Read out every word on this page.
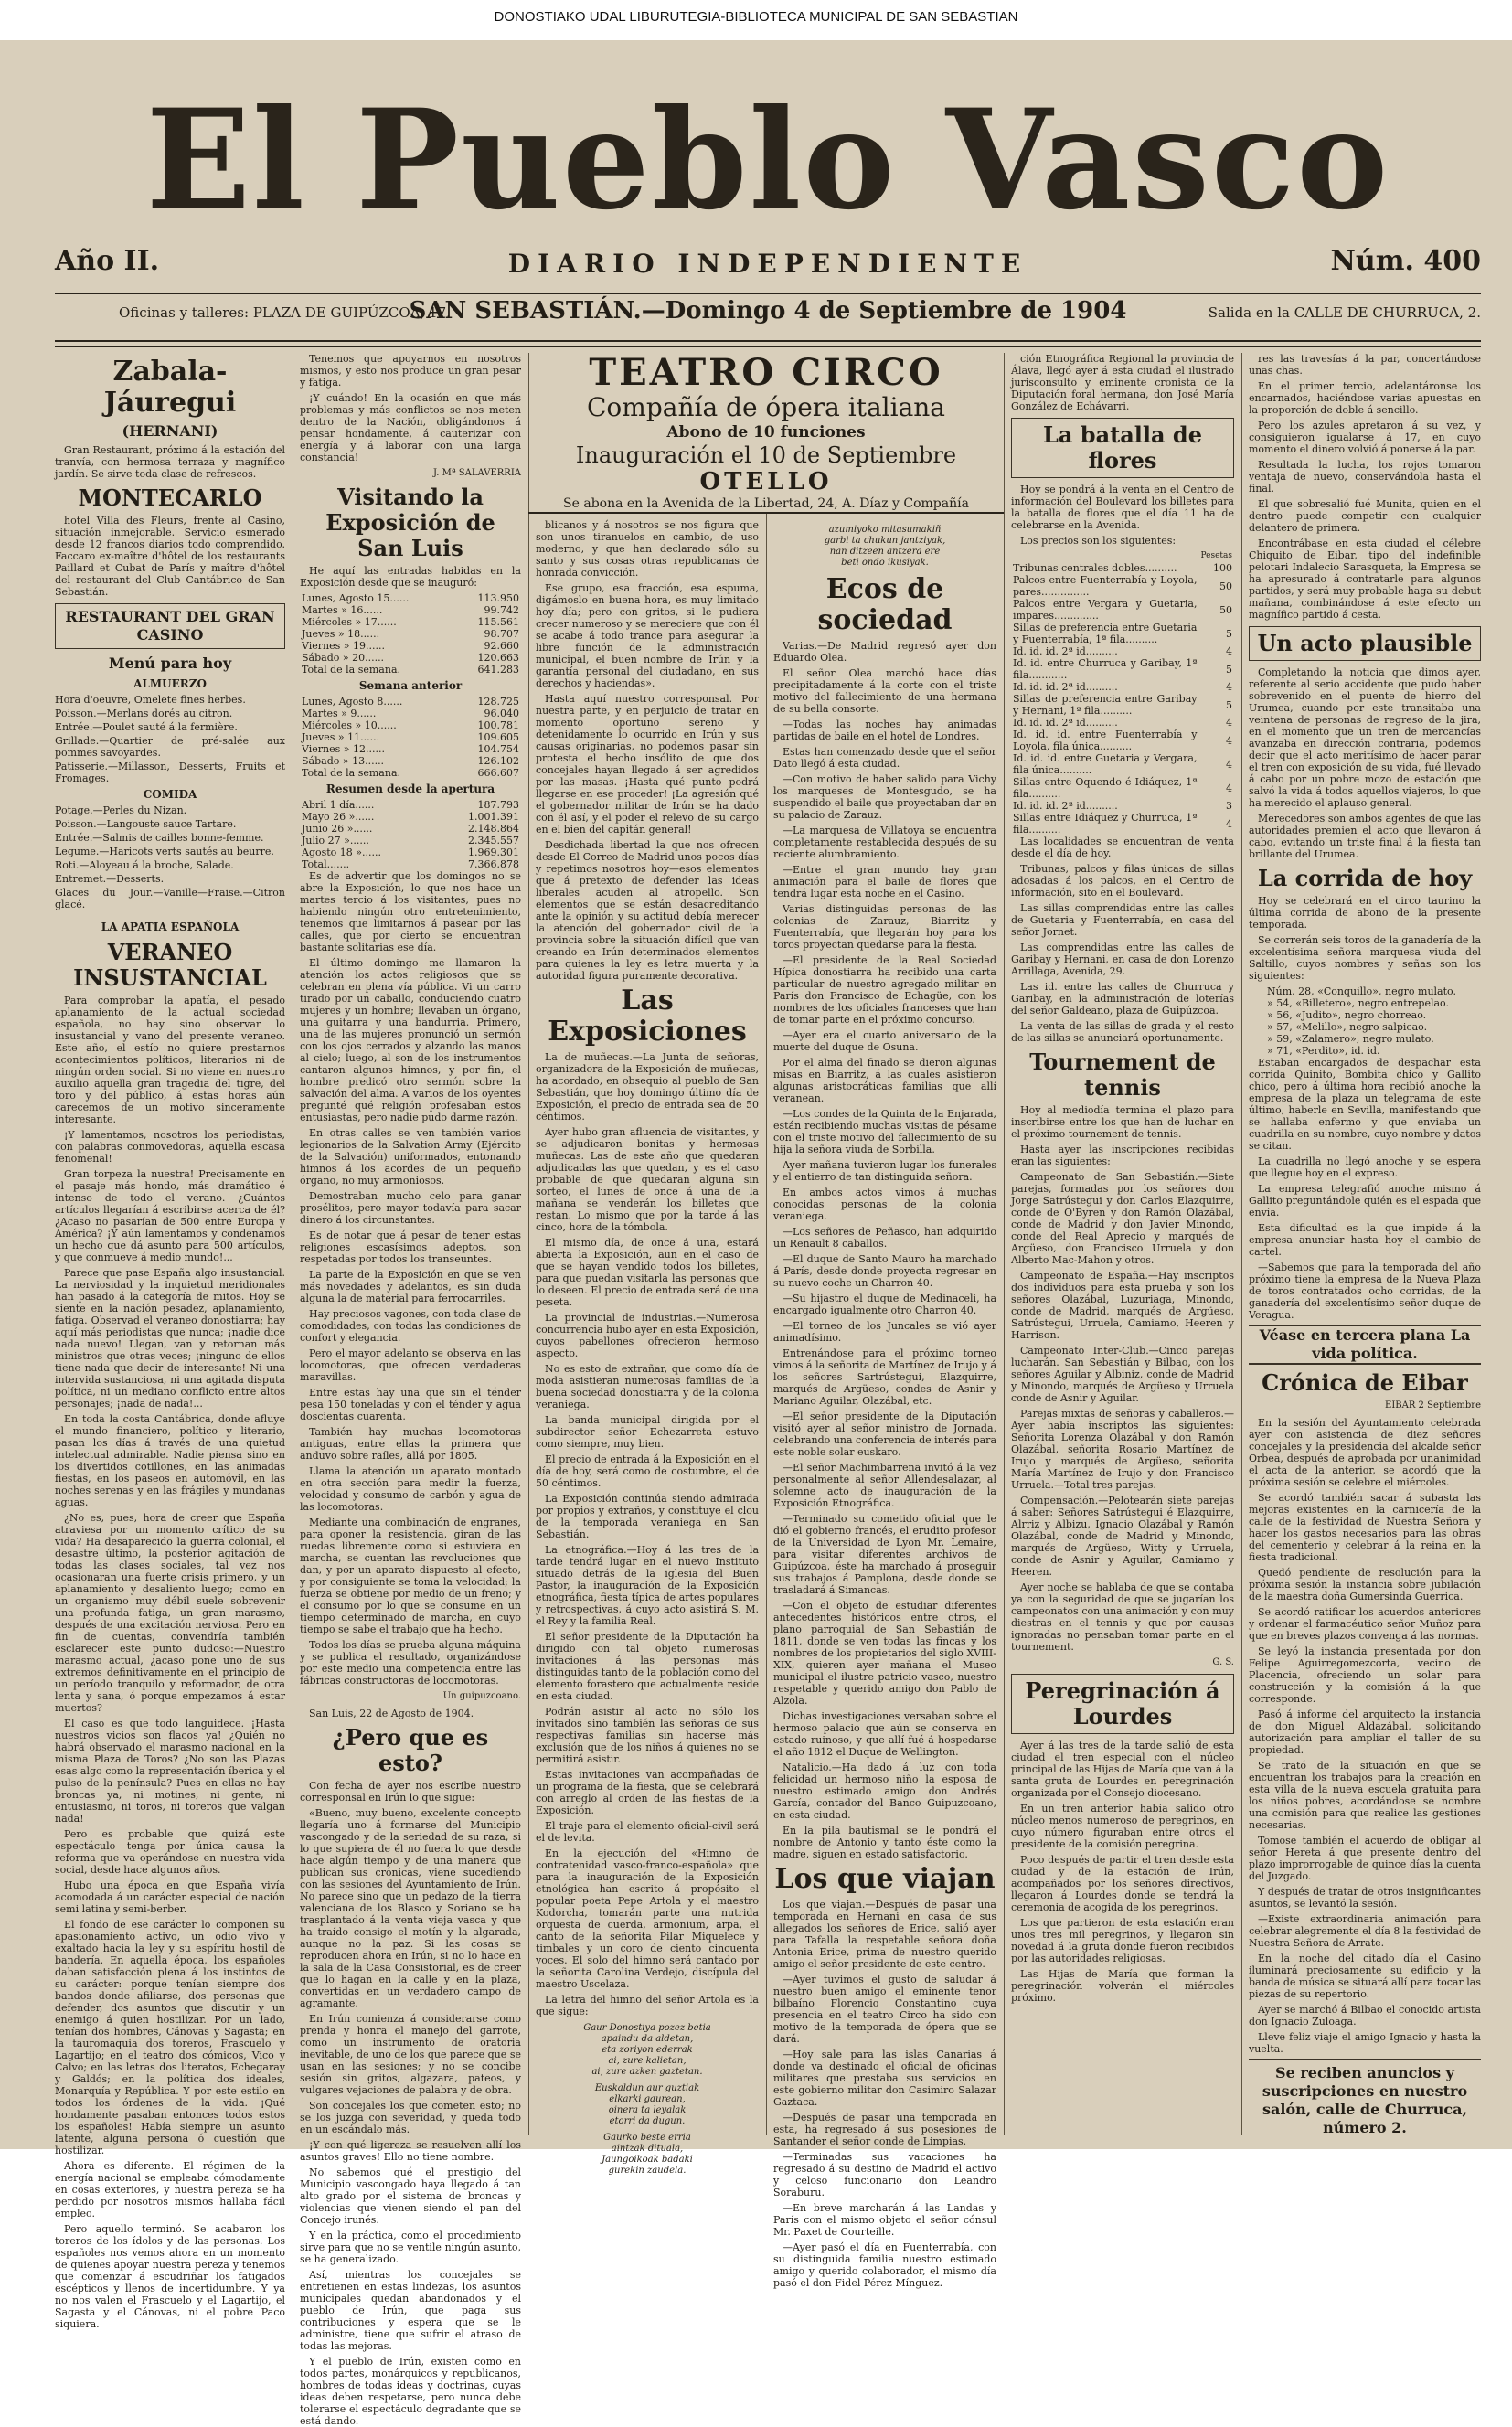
DONOSTIAKO UDAL LIBURUTEGIA-BIBLIOTECA MUNICIPAL DE SAN SEBASTIAN
El Pueblo Vasco
Año II.	DIARIO INDEPENDIENTE	Núm. 400
Oficinas y talleres: PLAZA DE GUIPÚZCOA, 17.
SAN SEBASTIÁN.—Domingo 4 de Septiembre de 1904	Salida en la CALLE DE CHURRUCA, 2.
Zabala-Jáuregui
(HERNANI)

Gran Restaurant, próximo á la estación del tranvía, con hermosa terraza y magnífico jardín. Se sirve toda clase de refrescos.

MONTECARLO

hotel Villa des Fleurs, frente al Casino, situación inmejorable. Servicio esmerado desde 12 francos diarios todo comprendido. Faccaro ex-maître d'hôtel de los restaurants Paillard et Cubat de París y maître d'hôtel del restaurant del Club Cantábrico de San Sebastián.

RESTAURANT DEL GRAN CASINO
Menú para hoy
ALMUERZO
Hora d'oeuvre, Omelete fines herbes.
Poisson.—Merlans dorés au citron.
Entrée.—Poulet sauté á la fermière.
Grillade.—Quartier de pré-salée aux pommes savoyardes.
Patisserie.—Millasson, Desserts, Fruits et Fromages.
COMIDA
Potage.—Perles du Nizan.
Poisson.—Langouste sauce Tartare.
Entrée.—Salmis de cailles bonne-femme.
Legume.—Haricots verts sautés au beurre.
Roti.—Aloyeau á la broche, Salade.
Entremet.—Desserts.
Glaces du Jour.—Vanille—Fraise.—Citron glacé.
LA APATIA ESPAÑOLA
VERANEO INSUSTANCIAL

Para comprobar la apatía, el pesado aplanamiento de la actual sociedad española, no hay sino observar lo insustancial y vano del presente veraneo. Este año, el estío no quiere prestarnos acontecimientos políticos, literarios ni de ningún orden social. Si no viene en nuestro auxilio aquella gran tragedia del tigre, del toro y del público, á estas horas aún carecemos de un motivo sinceramente interesante.

¡Y lamentamos, nosotros los periodistas, con palabras conmovedoras, aquella escasa fenomenal!

Gran torpeza la nuestra! Precisamente en el pasaje más hondo, más dramático é intenso de todo el verano. ¿Cuántos artículos llegarían á escribirse acerca de él? ¿Acaso no pasarían de 500 entre Europa y América? ¡Y aún lamentamos y condenamos un hecho que dá asunto para 500 artículos, y que conmueve á medio mundo!...

Parece que pase España algo insustancial. La nerviosidad y la inquietud meridionales han pasado á la categoría de mitos. Hoy se siente en la nación pesadez, aplanamiento, fatiga. Observad el veraneo donostiarra; hay aquí más periodistas que nunca; ¡nadie dice nada nuevo! Llegan, van y retornan más ministros que otras veces; ¡ninguno de ellos tiene nada que decir de interesante! Ni una intervida sustanciosa, ni una agitada disputa política, ni un mediano conflicto entre altos personajes; ¡nada de nada!...

En toda la costa Cantábrica, donde afluye el mundo financiero, político y literario, pasan los días á través de una quietud intelectual admirable. Nadie piensa sino en los divertidos cotillones, en las animadas fiestas, en los paseos en automóvil, en las noches serenas y en las frágiles y mundanas aguas.

¿No es, pues, hora de creer que España atraviesa por un momento crítico de su vida? Ha desaparecido la guerra colonial, el desastre último, la posterior agitación de todas las clases sociales, tal vez nos ocasionaran una fuerte crisis primero, y un aplanamiento y desaliento luego; como en un organismo muy débil suele sobrevenir una profunda fatiga, un gran marasmo, después de una excitación nerviosa. Pero en fin de cuentas, convendría también esclarecer este punto dudoso:—Nuestro marasmo actual, ¿acaso pone uno de sus extremos definitivamente en el principio de un período tranquilo y reformador, de otra lenta y sana, ó porque empezamos á estar muertos?

El caso es que todo languidece. ¡Hasta nuestros vicios son flacos ya! ¿Quién no habrá observado el marasmo nacional en la misma Plaza de Toros? ¿No son las Plazas esas algo como la representación íberica y el pulso de la península? Pues en ellas no hay broncas ya, ni motines, ni gente, ni entusiasmo, ni toros, ni toreros que valgan nada!

Pero es probable que quizá este espectáculo tenga por única causa la reforma que va operándose en nuestra vida social, desde hace algunos años.

Hubo una época en que España vivía acomodada á un carácter especial de nación semi latina y semi-berber.

El fondo de ese carácter lo componen su apasionamiento activo, un odio vivo y exaltado hacia la ley y su espíritu hostil de bandería. En aquella época, los españoles daban satisfacción plena á los instintos de su carácter: porque tenían siempre dos bandos donde afiliarse, dos personas que defender, dos asuntos que discutir y un enemigo á quien hostilizar. Por un lado, tenían dos hombres, Cánovas y Sagasta; en la tauromaquia dos toreros, Frascuelo y Lagartijo; en el teatro dos cómicos, Vico y Calvo; en las letras dos literatos, Echegaray y Galdós; en la política dos ideales, Monarquía y República. Y por este estilo en todos los órdenes de la vida. ¡Qué hondamente pasaban entonces todos estos los españoles! Había siempre un asunto latente, alguna persona ó cuestión que hostilizar.

Ahora es diferente. El régimen de la energía nacional se empleaba cómodamente en cosas exteriores, y nuestra pereza se ha perdido por nosotros mismos hallaba fácil empleo.

Pero aquello terminó. Se acabaron los toreros de los ídolos y de las personas. Los españoles nos vemos ahora en un momento de quienes apoyar nuestra pereza y tenemos que comenzar á escudriñar los fatigados escépticos y llenos de incertidumbre. Y ya no nos valen el Frascuelo y el Lagartijo, el Sagasta y el Cánovas, ni el pobre Paco siquiera.

Tenemos que apoyarnos en nosotros mismos, y esto nos produce un gran pesar y fatiga.

¡Y cuándo! En la ocasión en que más problemas y más conflictos se nos meten dentro de la Nación, obligándonos á pensar hondamente, á cauterizar con energía y á laborar con una larga constancia!

J. Mª SALAVERRIA
Visitando la Exposición de San Luis

He aquí las entradas habidas en la Exposición desde que se inauguró:

Lunes, Agosto 15......	113.950
Martes » 16......	99.742
Miércoles » 17......	115.561
Jueves » 18......	98.707
Viernes » 19......	92.660
Sábado » 20......	120.663
Total de la semana.	641.283
Semana anterior
Lunes, Agosto 8......	128.725
Martes » 9......	96.040
Miércoles » 10......	100.781
Jueves » 11......	109.605
Viernes » 12......	104.754
Sábado » 13......	126.102
Total de la semana.	666.607
Resumen desde la apertura
Abril 1 día......	187.793
Mayo 26 »......	1.001.391
Junio 26 »......	2.148.864
Julio 27 »......	2.345.557
Agosto 18 »......	1.969.301
Total.......	7.366.878

Es de advertir que los domingos no se abre la Exposición, lo que nos hace un martes tercio á los visitantes, pues no habiendo ningún otro entretenimiento, tenemos que limitarnos á pasear por las calles, que por cierto se encuentran bastante solitarias ese día.

El último domingo me llamaron la atención los actos religiosos que se celebran en plena vía pública. Vi un carro tirado por un caballo, conduciendo cuatro mujeres y un hombre; llevaban un órgano, una guitarra y una bandurria. Primero, una de las mujeres pronunció un sermón con los ojos cerrados y alzando las manos al cielo; luego, al son de los instrumentos cantaron algunos himnos, y por fin, el hombre predicó otro sermón sobre la salvación del alma. A varios de los oyentes pregunté qué religión profesaban estos entusiastas, pero nadie pudo darme razón.

En otras calles se ven también varios legionarios de la Salvation Army (Ejército de la Salvación) uniformados, entonando himnos á los acordes de un pequeño órgano, no muy armoniosos.

Demostraban mucho celo para ganar prosélitos, pero mayor todavía para sacar dinero á los circunstantes.

Es de notar que á pesar de tener estas religiones escasísimos adeptos, son respetadas por todos los transeuntes.

La parte de la Exposición en que se ven más novedades y adelantos, es sin duda alguna la de material para ferrocarriles.

Hay preciosos vagones, con toda clase de comodidades, con todas las condiciones de confort y elegancia.

Pero el mayor adelanto se observa en las locomotoras, que ofrecen verdaderas maravillas.

Entre estas hay una que sin el ténder pesa 150 toneladas y con el ténder y agua doscientas cuarenta.

También hay muchas locomotoras antiguas, entre ellas la primera que anduvo sobre raíles, allá por 1805.

Llama la atención un aparato montado en otra sección para medir la fuerza, velocidad y consumo de carbón y agua de las locomotoras.

Mediante una combinación de engranes, para oponer la resistencia, giran de las ruedas libremente como si estuviera en marcha, se cuentan las revoluciones que dan, y por un aparato dispuesto al efecto, y por consiguiente se toma la velocidad; la fuerza se obtiene por medio de un freno; y el consumo por lo que se consume en un tiempo determinado de marcha, en cuyo tiempo se sabe el trabajo que ha hecho.

Todos los días se prueba alguna máquina y se publica el resultado, organizándose por este medio una competencia entre las fábricas constructoras de locomotoras.

Un guipuzcoano.

San Luis, 22 de Agosto de 1904.

¿Pero que es esto?

Con fecha de ayer nos escribe nuestro corresponsal en Irún lo que sigue:

«Bueno, muy bueno, excelente concepto llegaría uno á formarse del Municipio vascongado y de la seriedad de su raza, si lo que supiera de él no fuera lo que desde hace algún tiempo y de una manera que publican sus crónicas, viene sucediendo con las sesiones del Ayuntamiento de Irún. No parece sino que un pedazo de la tierra valenciana de los Blasco y Soriano se ha trasplantado á la venta vieja vasca y que ha traído consigo el motín y la algarada, aunque no la paz. Si las cosas se reproducen ahora en Irún, si no lo hace en la sala de la Casa Consistorial, es de creer que lo hagan en la calle y en la plaza, convertidas en un verdadero campo de agramante.

En Irún comienza á considerarse como prenda y honra el manejo del garrote, como un instrumento de oratoria inevitable, de uno de los que parece que se usan en las sesiones; y no se concibe sesión sin gritos, algazara, pateos, y vulgares vejaciones de palabra y de obra.

Son concejales los que cometen esto; no se los juzga con severidad, y queda todo en un escándalo más.

¡Y con qué ligereza se resuelven allí los asuntos graves! Ello no tiene nombre.

No sabemos qué el prestigio del Municipio vascongado haya llegado á tan alto grado por el sistema de broncas y violencias que vienen siendo el pan del Concejo irunés.

Y en la práctica, como el procedimiento sirve para que no se ventile ningún asunto, se ha generalizado.

Así, mientras los concejales se entretienen en estas lindezas, los asuntos municipales quedan abandonados y el pueblo de Irún, que paga sus contribuciones y espera que se le administre, tiene que sufrir el atraso de todas las mejoras.

Y el pueblo de Irún, existen como en todos partes, monárquicos y republicanos, hombres de todas ideas y doctrinas, cuyas ideas deben respetarse, pero nunca debe tolerarse el espectáculo degradante que se está dando.

TEATRO CIRCO
Compañía de ópera italiana
Abono de 10 funciones
Inauguración el 10 de Septiembre
OTELLO
Se abona en la Avenida de la Libertad, 24, A. Díaz y Compañía

blicanos y á nosotros se nos figura que son unos tiranuelos en cambio, de uso moderno, y que han declarado sólo su santo y sus cosas otras republicanas de honrada convicción.

Ese grupo, esa fracción, esa espuma, digámoslo en buena hora, es muy limitado hoy día; pero con gritos, si le pudiera crecer numeroso y se mereciere que con él se acabe á todo trance para asegurar la libre función de la administración municipal, el buen nombre de Irún y la garantía personal del ciudadano, en sus derechos y haciendas».

Hasta aquí nuestro corresponsal. Por nuestra parte, y en perjuicio de tratar en momento oportuno sereno y detenidamente lo ocurrido en Irún y sus causas originarias, no podemos pasar sin protesta el hecho insólito de que dos concejales hayan llegado á ser agredidos por las masas. ¡Hasta qué punto podrá llegarse en ese proceder! ¡La agresión qué el gobernador militar de Irún se ha dado con él así, y el poder el relevo de su cargo en el bien del capitán general!

Desdichada libertad la que nos ofrecen desde El Correo de Madrid unos pocos días y repetimos nosotros hoy—esos elementos que á pretexto de defender las ideas liberales acuden al atropello. Son elementos que se están desacreditando ante la opinión y su actitud debía merecer la atención del gobernador civil de la provincia sobre la situación difícil que van creando en Irún determinados elementos para quienes la ley es letra muerta y la autoridad figura puramente decorativa.

Las Exposiciones

La de muñecas.—La Junta de señoras, organizadora de la Exposición de muñecas, ha acordado, en obsequio al pueblo de San Sebastián, que hoy domingo último día de Exposición, el precio de entrada sea de 50 céntimos.

Ayer hubo gran afluencia de visitantes, y se adjudicaron bonitas y hermosas muñecas. Las de este año que quedaran adjudicadas las que quedan, y es el caso probable de que quedaran alguna sin sorteo, el lunes de once á una de la mañana se venderán los billetes que restan. Lo mismo que por la tarde á las cinco, hora de la tómbola.

El mismo día, de once á una, estará abierta la Exposición, aun en el caso de que se hayan vendido todos los billetes, para que puedan visitarla las personas que lo deseen. El precio de entrada será de una peseta.

La provincial de industrias.—Numerosa concurrencia hubo ayer en esta Exposición, cuyos pabellones ofrecieron hermoso aspecto.

No es esto de extrañar, que como día de moda asistieran numerosas familias de la buena sociedad donostiarra y de la colonia veraniega.

La banda municipal dirigida por el subdirector señor Echezarreta estuvo como siempre, muy bien.

El precio de entrada á la Exposición en el día de hoy, será como de costumbre, el de 50 céntimos.

La Exposición continúa siendo admirada por propios y extraños, y constituye el clou de la temporada veraniega en San Sebastián.

La etnográfica.—Hoy á las tres de la tarde tendrá lugar en el nuevo Instituto situado detrás de la iglesia del Buen Pastor, la inauguración de la Exposición etnográfica, fiesta típica de artes populares y retrospectivas, á cuyo acto asistirá S. M. el Rey y la familia Real.

El señor presidente de la Diputación ha dirigido con tal objeto numerosas invitaciones á las personas más distinguidas tanto de la población como del elemento forastero que actualmente reside en esta ciudad.

Podrán asistir al acto no sólo los invitados sino también las señoras de sus respectivas familias sin hacerse más exclusión que de los niños á quienes no se permitirá asistir.

Estas invitaciones van acompañadas de un programa de la fiesta, que se celebrará con arreglo al orden de las fiestas de la Exposición.

El traje para el elemento oficial-civil será el de levita.

En la ejecución del «Himno de contratenidad vasco-franco-española» que para la inauguración de la Exposición etnológica han escrito á propósito el popular poeta Pepe Artola y el maestro Kodorcha, tomarán parte una nutrida orquesta de cuerda, armonium, arpa, el canto de la señorita Pilar Miquelece y timbales y un coro de ciento cincuenta voces. El solo del himno será cantado por la señorita Carolina Verdejo, discípula del maestro Uscelaza.

La letra del himno del señor Artola es la que sigue:

Gaur Donostiya pozez betia
apaindu da aldetan,
eta zoriyon ederrak
ai, zure kalietan,
ai, zure azken gaztetan.
Euskaldun aur guztiak
elkarki gaurean,
oinera ta leyalak
etorri da dugun.
Gaurko beste erria
aintzak dituala,
Jaungoikoak badaki
gurekin zaudela.
azumiyoko mitasumakiñ
garbi ta chukun jantziyak,
nan ditzeen antzera ere
beti ondo ikusiyak.
Ecos de sociedad

Varias.—De Madrid regresó ayer don Eduardo Olea.

El señor Olea marchó hace días precipitadamente á la corte con el triste motivo del fallecimiento de una hermana de su bella consorte.

—Todas las noches hay animadas partidas de baile en el hotel de Londres.

Estas han comenzado desde que el señor Dato llegó á esta ciudad.

—Con motivo de haber salido para Vichy los marqueses de Montesgudo, se ha suspendido el baile que proyectaban dar en su palacio de Zarauz.

—La marquesa de Villatoya se encuentra completamente restablecida después de su reciente alumbramiento.

—Entre el gran mundo hay gran animación para el baile de flores que tendrá lugar esta noche en el Casino.

Varias distinguidas personas de las colonias de Zarauz, Biarritz y Fuenterrabía, que llegarán hoy para los toros proyectan quedarse para la fiesta.

—El presidente de la Real Sociedad Hípica donostiarra ha recibido una carta particular de nuestro agregado militar en París don Francisco de Echagüe, con los nombres de los oficiales franceses que han de tomar parte en el próximo concurso.

—Ayer era el cuarto aniversario de la muerte del duque de Osuna.

Por el alma del finado se dieron algunas misas en Biarritz, á las cuales asistieron algunas aristocráticas familias que allí veranean.

—Los condes de la Quinta de la Enjarada, están recibiendo muchas visitas de pésame con el triste motivo del fallecimiento de su hija la señora viuda de Sorbilla.

Ayer mañana tuvieron lugar los funerales y el entierro de tan distinguida señora.

En ambos actos vimos á muchas conocidas personas de la colonia veraniega.

—Los señores de Peñasco, han adquirido un Renault 8 caballos.

—El duque de Santo Mauro ha marchado á París, desde donde proyecta regresar en su nuevo coche un Charron 40.

—Su hijastro el duque de Medinaceli, ha encargado igualmente otro Charron 40.

—El torneo de los Juncales se vió ayer animadísimo.

Entrenándose para el próximo torneo vimos á la señorita de Martínez de Irujo y á los señores Sartrústegui, Elazquirre, marqués de Argüeso, condes de Asnir y Mariano Aguilar, Olazábal, etc.

—El señor presidente de la Diputación visitó ayer al señor ministro de Jornada, celebrando una conferencia de interés para este noble solar euskaro.

—El señor Machimbarrena invitó á la vez personalmente al señor Allendesalazar, al solemne acto de inauguración de la Exposición Etnográfica.

—Terminado su cometido oficial que le dió el gobierno francés, el erudito profesor de la Universidad de Lyon Mr. Lemaire, para visitar diferentes archivos de Guipúzcoa, éste ha marchado á proseguir sus trabajos á Pamplona, desde donde se trasladará á Simancas.

—Con el objeto de estudiar diferentes antecedentes históricos entre otros, el plano parroquial de San Sebastián de 1811, donde se ven todas las fincas y los nombres de los propietarios del siglo XVIII-XIX, quieren ayer mañana el Museo municipal el ilustre patricio vasco, nuestro respetable y querido amigo don Pablo de Alzola.

Dichas investigaciones versaban sobre el hermoso palacio que aún se conserva en estado ruinoso, y que allí fué á hospedarse el año 1812 el Duque de Wellington.

Natalicio.—Ha dado á luz con toda felicidad un hermoso niño la esposa de nuestro estimado amigo don Andrés García, contador del Banco Guipuzcoano, en esta ciudad.

En la pila bautismal se le pondrá el nombre de Antonio y tanto éste como la madre, siguen en estado satisfactorio.

Los que viajan

Los que viajan.—Después de pasar una temporada en Hernani en casa de sus allegados los señores de Erice, salió ayer para Tafalla la respetable señora doña Antonia Erice, prima de nuestro querido amigo el señor presidente de este centro.

—Ayer tuvimos el gusto de saludar á nuestro buen amigo el eminente tenor bilbaíno Florencio Constantino cuya presencia en el teatro Circo ha sido con motivo de la temporada de ópera que se dará.

—Hoy sale para las islas Canarias á donde va destinado el oficial de oficinas militares que prestaba sus servicios en este gobierno militar don Casimiro Salazar Gaztaca.

—Después de pasar una temporada en esta, ha regresado á sus posesiones de Santander el señor conde de Limpias.

—Terminadas sus vacaciones ha regresado á su destino de Madrid el activo y celoso funcionario don Leandro Soraburu.

—En breve marcharán á las Landas y París con el mismo objeto el señor cónsul Mr. Paxet de Courteille.

—Ayer pasó el día en Fuenterrabía, con su distinguida familia nuestro estimado amigo y querido colaborador, el mismo día pasó el don Fidel Pérez Mínguez.

ción Etnográfica Regional la provincia de Álava, llegó ayer á esta ciudad el ilustrado jurisconsulto y eminente cronista de la Diputación foral hermana, don José María González de Echávarri.

La batalla de flores

Hoy se pondrá á la venta en el Centro de información del Boulevard los billetes para la batalla de flores que el día 11 ha de celebrarse en la Avenida.

Los precios son los siguientes:

	Pesetas
Tribunas centrales dobles..........	100
Palcos entre Fuenterrabía y Loyola, pares...............	50
Palcos entre Vergara y Guetaria, impares..............	50
Sillas de preferencia entre Guetaria y Fuenterrabía, 1ª fila..........	5
Id. id. id. 2ª id..........	4
Id. id. entre Churruca y Garibay, 1ª fila............	5
Id. id. id. 2ª id..........	4
Sillas de preferencia entre Garibay y Hernani, 1ª fila..........	5
Id. id. id. 2ª id..........	4
Id. id. id. entre Fuenterrabía y Loyola, fila única..........	4
Id. id. id. entre Guetaria y Vergara, fila única..........	4
Sillas entre Oquendo é Idiáquez, 1ª fila..........	4
Id. id. id. 2ª id..........	3
Sillas entre Idiáquez y Churruca, 1ª fila..........	4

Las localidades se encuentran de venta desde el día de hoy.

Tribunas, palcos y filas únicas de sillas adosadas á los palcos, en el Centro de información, sito en el Boulevard.

Las sillas comprendidas entre las calles de Guetaria y Fuenterrabía, en casa del señor Jornet.

Las comprendidas entre las calles de Garibay y Hernani, en casa de don Lorenzo Arrillaga, Avenida, 29.

Las id. entre las calles de Churruca y Garibay, en la administración de loterías del señor Galdeano, plaza de Guipúzcoa.

La venta de las sillas de grada y el resto de las sillas se anunciará oportunamente.

Tournement de tennis

Hoy al mediodía termina el plazo para inscribirse entre los que han de luchar en el próximo tournement de tennis.

Hasta ayer las inscripciones recibidas eran las siguientes:

Campeonato de San Sebastián.—Siete parejas, formadas por los señores don Jorge Satrústegui y don Carlos Elazquirre, conde de O'Byren y don Ramón Olazábal, conde de Madrid y don Javier Minondo, conde del Real Aprecio y marqués de Argüeso, don Francisco Urruela y don Alberto Mac-Mahon y otros.

Campeonato de España.—Hay inscriptos dos individuos para esta prueba y son los señores Olazábal, Luzuriaga, Minondo, conde de Madrid, marqués de Argüeso, Satrústegui, Urruela, Camiamo, Heeren y Harrison.

Campeonato Inter-Club.—Cinco parejas lucharán. San Sebastián y Bilbao, con los señores Aguilar y Albiniz, conde de Madrid y Minondo, marqués de Argüeso y Urruela conde de Asnir y Aguilar.

Parejas mixtas de señoras y caballeros.—Ayer había inscriptos las siguientes: Señorita Lorenza Olazábal y don Ramón Olazábal, señorita Rosario Martínez de Irujo y marqués de Argüeso, señorita María Martínez de Irujo y don Francisco Urruela.—Total tres parejas.

Compensación.—Pelotearán siete parejas á saber: Señores Satrústegui é Elazquirre, Alrriz y Albizu, Ignacio Olazábal y Ramón Olazábal, conde de Madrid y Minondo, marqués de Argüeso, Witty y Urruela, conde de Asnir y Aguilar, Camiamo y Heeren.

Ayer noche se hablaba de que se contaba ya con la seguridad de que se jugarían los campeonatos con una animación y con muy diestras en el tennis y que por causas ignoradas no pensaban tomar parte en el tournement.

G. S.
Peregrinación á Lourdes

Ayer á las tres de la tarde salió de esta ciudad el tren especial con el núcleo principal de las Hijas de María que van á la santa gruta de Lourdes en peregrinación organizada por el Consejo diocesano.

En un tren anterior había salido otro núcleo menos numeroso de peregrinos, en cuyo número figuraban entre otros el presidente de la comisión peregrina.

Poco después de partir el tren desde esta ciudad y de la estación de Irún, acompañados por los señores directivos, llegaron á Lourdes donde se tendrá la ceremonia de acogida de los peregrinos.

Los que partieron de esta estación eran unos tres mil peregrinos, y llegaron sin novedad á la gruta donde fueron recibidos por las autoridades religiosas.

Las Hijas de María que forman la peregrinación volverán el miércoles próximo.

res las travesías á la par, concertándose unas chas.

En el primer tercio, adelantáronse los encarnados, haciéndose varias apuestas en la proporción de doble á sencillo.

Pero los azules apretaron á su vez, y consiguieron igualarse á 17, en cuyo momento el dinero volvió á ponerse á la par.

Resultada la lucha, los rojos tomaron ventaja de nuevo, conservándola hasta el final.

El que sobresalió fué Munita, quien en el dentro puede competir con cualquier delantero de primera.

Encontrábase en esta ciudad el célebre Chiquito de Eibar, tipo del indefinible pelotari Indalecio Sarasqueta, la Empresa se ha apresurado á contratarle para algunos partidos, y será muy probable haga su debut mañana, combinándose á este efecto un magnífico partido á cesta.

Un acto plausible

Completando la noticia que dimos ayer, referente al serio accidente que pudo haber sobrevenido en el puente de hierro del Urumea, cuando por este transitaba una veintena de personas de regreso de la jira, en el momento que un tren de mercancías avanzaba en dirección contraria, podemos decir que el acto meritísimo de hacer parar el tren con exposición de su vida, fué llevado á cabo por un pobre mozo de estación que salvó la vida á todos aquellos viajeros, lo que ha merecido el aplauso general.

Merecedores son ambos agentes de que las autoridades premien el acto que llevaron á cabo, evitando un triste final á la fiesta tan brillante del Urumea.

La corrida de hoy

Hoy se celebrará en el circo taurino la última corrida de abono de la presente temporada.

Se correrán seis toros de la ganadería de la excelentísima señora marquesa viuda del Saltillo, cuyos nombres y señas son los siguientes:

Núm. 28, «Conquillo», negro mulato.
» 54, «Billetero», negro entrepelao.
» 56, «Judito», negro chorreao.
» 57, «Melillo», negro salpicao.
» 59, «Zalamero», negro mulato.
» 71, «Perdito», id. id.

Estaban encargados de despachar esta corrida Quinito, Bombita chico y Gallito chico, pero á última hora recibió anoche la empresa de la plaza un telegrama de este último, haberle en Sevilla, manifestando que se hallaba enfermo y que enviaba un cuadrilla en su nombre, cuyo nombre y datos se citan.

La cuadrilla no llegó anoche y se espera que llegue hoy en el expreso.

La empresa telegrafió anoche mismo á Gallito preguntándole quién es el espada que envía.

Esta dificultad es la que impide á la empresa anunciar hasta hoy el cambio de cartel.

—Sabemos que para la temporada del año próximo tiene la empresa de la Nueva Plaza de toros contratados ocho corridas, de la ganadería del excelentísimo señor duque de Veragua.

Véase en tercera plana La vida política.
Crónica de Eibar
EIBAR 2 Septiembre

En la sesión del Ayuntamiento celebrada ayer con asistencia de diez señores concejales y la presidencia del alcalde señor Orbea, después de aprobada por unanimidad el acta de la anterior, se acordó que la próxima sesión se celebre el miércoles.

Se acordó también sacar á subasta las mejoras existentes en la carnicería de la calle de la festividad de Nuestra Señora y hacer los gastos necesarios para las obras del cementerio y celebrar á la reina en la fiesta tradicional.

Quedó pendiente de resolución para la próxima sesión la instancia sobre jubilación de la maestra doña Gumersinda Guerrica.

Se acordó ratificar los acuerdos anteriores y ordenar el farmacéutico señor Muñoz para que en breves plazos convenga á las normas.

Se leyó la instancia presentada por don Felipe Aguirregomezcorta, vecino de Placencia, ofreciendo un solar para construcción y la comisión á la que corresponde.

Pasó á informe del arquitecto la instancia de don Miguel Aldazábal, solicitando autorización para ampliar el taller de su propiedad.

Se trató de la situación en que se encuentran los trabajos para la creación en esta villa de la nueva escuela gratuita para los niños pobres, acordándose se nombre una comisión para que realice las gestiones necesarias.

Tomose también el acuerdo de obligar al señor Hereta á que presente dentro del plazo improrrogable de quince días la cuenta del Juzgado.

Y después de tratar de otros insignificantes asuntos, se levantó la sesión.

—Existe extraordinaria animación para celebrar alegremente el día 8 la festividad de Nuestra Señora de Arrate.

En la noche del citado día el Casino iluminará preciosamente su edificio y la banda de música se situará allí para tocar las piezas de su repertorio.

Ayer se marchó á Bilbao el conocido artista don Ignacio Zuloaga.

Lleve feliz viaje el amigo Ignacio y hasta la vuelta.

Se reciben anuncios y suscripciones en nuestro salón, calle de Churruca, número 2.
